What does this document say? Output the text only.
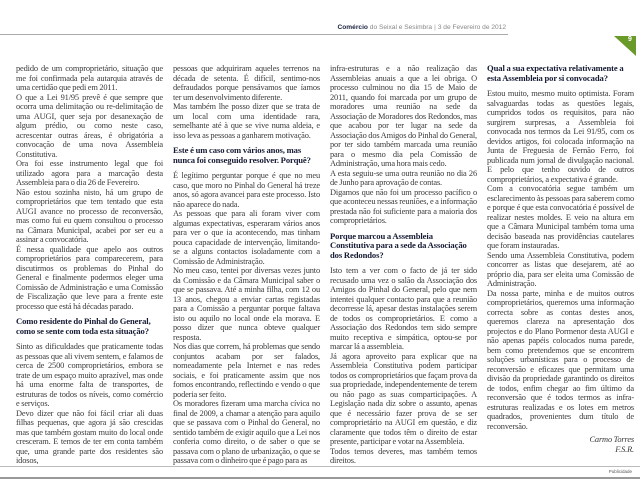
Comércio do Seixal e Sesimbra | 3 de Fevereiro de 2012
9

pedido de um comproprietário, situação que me foi confirmada pela autarquia através de uma certidão que pedi em 2011.

O que a Lei 91/95 prevê é que sempre que ocorra uma delimitação ou re-delimitação de uma AUGI, quer seja por desanexação de algum prédio, ou como neste caso, acrescentar outras áreas, é obrigatória a convocação de uma nova Assembleia Constitutiva.

Ora foi esse instrumento legal que foi utilizado agora para a marcação desta Assembleia para o dia 26 de Fevereiro.

Não estou sozinha nisto, há um grupo de comproprietários que tem tentado que esta AUGI avance no processo de reconversão, mas como fui eu quem consultou o processo na Câmara Municipal, acabei por ser eu a assinar a convocatória.

É nessa qualidade que apelo aos outros comproprietários para comparecerem, para discutirmos os problemas do Pinhal do General e finalmente podermos eleger uma Comissão de Administração e uma Comissão de Fiscalização que leve para a frente este processo que está há décadas parado.

Como residente do Pinhal do General, como se sente com toda esta situação?

Sinto as dificuldades que praticamente todas as pessoas que ali vivem sentem, e falamos de cerca de 2500 comproprietários, embora se trate de um espaço muito aprazível, mas onde há uma enorme falta de transportes, de estruturas de todos os níveis, como comércio e serviços.

Devo dizer que não foi fácil criar ali duas filhas pequenas, que agora já são crescidas mas que também gostam muito do local onde cresceram. E temos de ter em conta também que, uma grande parte dos residentes são idosos,

pessoas que adquiriram aqueles terrenos na década de setenta. É difícil, sentimo-nos defraudados porque pensávamos que íamos ter um desenvolvimento diferente.

Mas também lhe posso dizer que se trata de um local com uma identidade rara, semelhante até à que se vive numa aldeia, e isso leva as pessoas a ganharem motivação.

Este é um caso com vários anos, mas nunca foi conseguido resolver. Porquê?

É legítimo perguntar porque é que no meu caso, que moro no Pinhal do General há treze anos, só agora avancei para este processo. Isto não aparece do nada.

As pessoas que para ali foram viver com algumas expectativas, esperaram vários anos para ver o que ia acontecendo, mas tinham pouca capacidade de intervenção, limitando-se a alguns contactos isoladamente com a Comissão de Administração.

No meu caso, tentei por diversas vezes junto da Comissão e da Câmara Municipal saber o que se passava. Até a minha filha, com 12 ou 13 anos, chegou a enviar cartas registadas para a Comissão a perguntar porque faltava isto ou aquilo no local onde ela morava. E posso dizer que nunca obteve qualquer resposta.

Nos dias que correm, há problemas que sendo conjuntos acabam por ser falados, nomeadamente pela Internet e nas redes sociais, e foi praticamente assim que nos fomos encontrando, reflectindo e vendo o que poderia ser feito.

Os moradores fizeram uma marcha cívica no final de 2009, a chamar a atenção para aquilo que se passava com o Pinhal do General, no sentido também de exigir aquilo que a Lei nos conferia como direito, o de saber o que se passava com o plano de urbanização, o que se passava com o dinheiro que é pago para as

infra-estruturas e a não realização das Assembleias anuais a que a lei obriga. O processo culminou no dia 15 de Maio de 2011, quando foi marcada por um grupo de moradores uma reunião na sede da Associação de Moradores dos Redondos, mas que acabou por ter lugar na sede da Associação dos Amigos do Pinhal do General, por ter sido também marcada uma reunião para o mesmo dia pela Comissão de Administração, uma hora mais cedo.

A esta seguiu-se uma outra reunião no dia 26 de Junho para aprovação de contas.

Digamos que não foi um processo pacífico o que aconteceu nessas reuniões, e a informação prestada não foi suficiente para a maioria dos comproprietários.

Porque marcou a Assembleia Constitutiva para a sede da Associação dos Redondos?

Isto tem a ver com o facto de já ter sido recusado uma vez o salão da Associação dos Amigos do Pinhal do General, pelo que nem intentei qualquer contacto para que a reunião decorresse lá, apesar destas instalações serem de todos os comproprietários. E como a Associação dos Redondos tem sido sempre muito receptiva e simpática, optou-se por marcar lá a assembleia.

Já agora aproveito para explicar que na Assembleia Constitutiva podem participar todos os comproprietários que façam prova da sua propriedade, independentemente de terem ou não pago as suas comparticipações. A Legislação nada diz sobre o assunto, apenas que é necessário fazer prova de se ser comproprietário na AUGI em questão, e diz claramente que todos têm o direito de estar presente, participar e votar na Assembleia.

Todos temos deveres, mas também temos direitos.

Qual a sua expectativa relativamente a esta Assembleia por si convocada?

Estou muito, mesmo muito optimista. Foram salvaguardas todas as questões legais, cumpridos todos os requisitos, para não surgirem surpresas, a Assembleia foi convocada nos termos da Lei 91/95, com os devidos artigos, foi colocada informação na Junta de Freguesia de Fernão Ferro, foi publicada num jornal de divulgação nacional. E pelo que tenho ouvido de outros comproprietários, a expectativa é grande.

Com a convocatória segue também um esclarecimento às pessoas para saberem como e porque é que esta convocatória é possível de realizar nestes moldes. E veio na altura em que a Câmara Municipal também toma uma decisão baseada nas providências cautelares que foram instauradas.

Sendo uma Assembleia Constitutiva, podem concorrer as listas que desejarem, até ao próprio dia, para ser eleita uma Comissão de Administração.

Da nossa parte, minha e de muitos outros comproprietários, queremos uma informação correcta sobre as contas destes anos, queremos clareza na apresentação dos projectos e do Plano Pormenor desta AUGI e não apenas papéis colocados numa parede, bem como pretendemos que se encontrem soluções urbanísticas para o processo de reconversão e eficazes que permitam uma divisão da propriedade garantindo os direitos de todos, enfim chegar ao fim último da reconversão que é todos termos as infra-estruturas realizadas e os lotes em metros quadrados, provenientes dum título de reconversão.

Carmo Torres
F.S.R.
Publicidade
